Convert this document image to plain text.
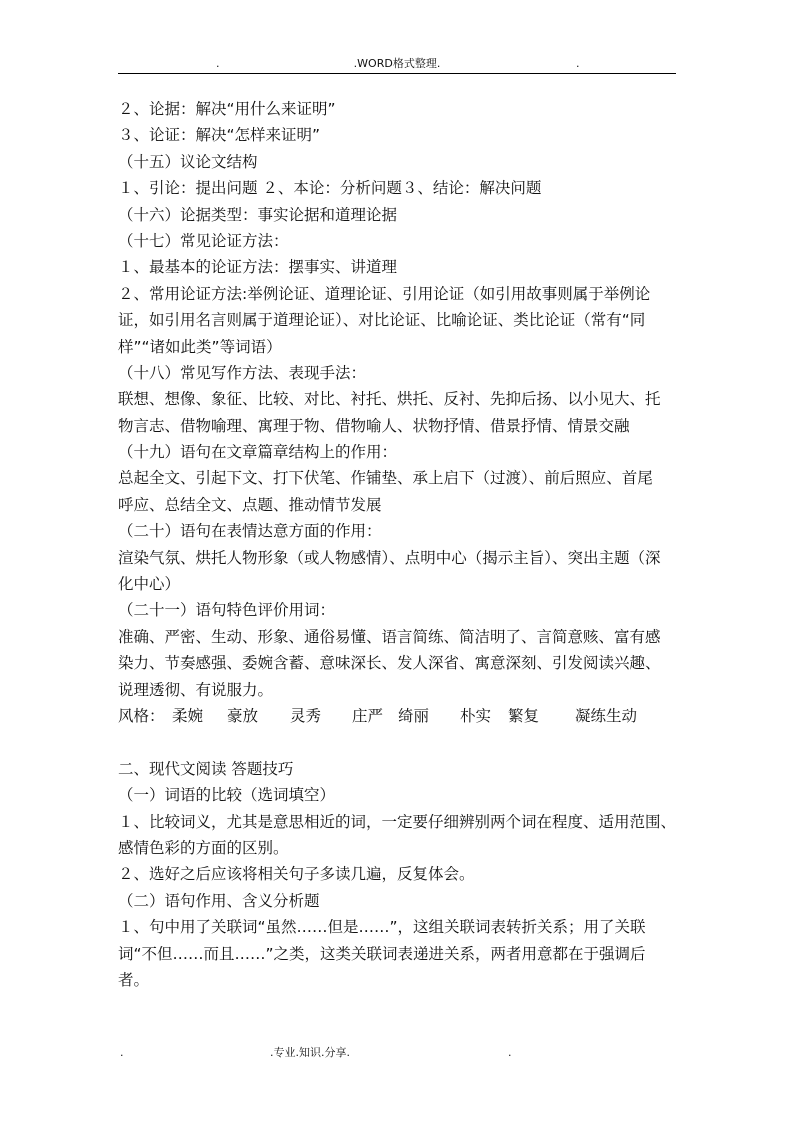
.	.WORD格式整理.	.
２、论据：解决“用什么来证明”
３、论证：解决“怎样来证明”
（十五）议论文结构
１、引论：提出问题 ２、本论：分析问题３、结论：解决问题
（十六）论据类型：事实论据和道理论据
（十七）常见论证方法：
１、最基本的论证方法：摆事实、讲道理
２、常用论证方法:举例论证、道理论证、引用论证（如引用故事则属于举例论
证，如引用名言则属于道理论证）、对比论证、比喻论证、类比论证（常有“同
样”“诸如此类”等词语）
（十八）常见写作方法、表现手法：
联想、想像、象征、比较、对比、衬托、烘托、反衬、先抑后扬、以小见大、托
物言志、借物喻理、寓理于物、借物喻人、状物抒情、借景抒情、情景交融
（十九）语句在文章篇章结构上的作用：
总起全文、引起下文、打下伏笔、作铺垫、承上启下（过渡）、前后照应、首尾
呼应、总结全文、点题、推动情节发展
（二十）语句在表情达意方面的作用：
渲染气氛、烘托人物形象（或人物感情）、点明中心（揭示主旨）、突出主题（深
化中心）
（二十一）语句特色评价用词：
准确、严密、生动、形象、通俗易懂、语言简练、简洁明了、言简意赅、富有感
染力、节奏感强、委婉含蓄、意味深长、发人深省、寓意深刻、引发阅读兴趣、
说理透彻、有说服力。
风格： 柔婉	豪放	灵秀	庄严 绮丽	朴实	繁复	凝练生动
二、现代文阅读 答题技巧
（一）词语的比较（选词填空）
１、比较词义，尤其是意思相近的词，一定要仔细辨别两个词在程度、适用范围、
感情色彩的方面的区别。
２、选好之后应该将相关句子多读几遍，反复体会。
（二）语句作用、含义分析题
１、句中用了关联词“虽然……但是……”，这组关联词表转折关系；用了关联
词“不但……而且……”之类，这类关联词表递进关系，两者用意都在于强调后
者。
.	.专业.知识.分享.	.
